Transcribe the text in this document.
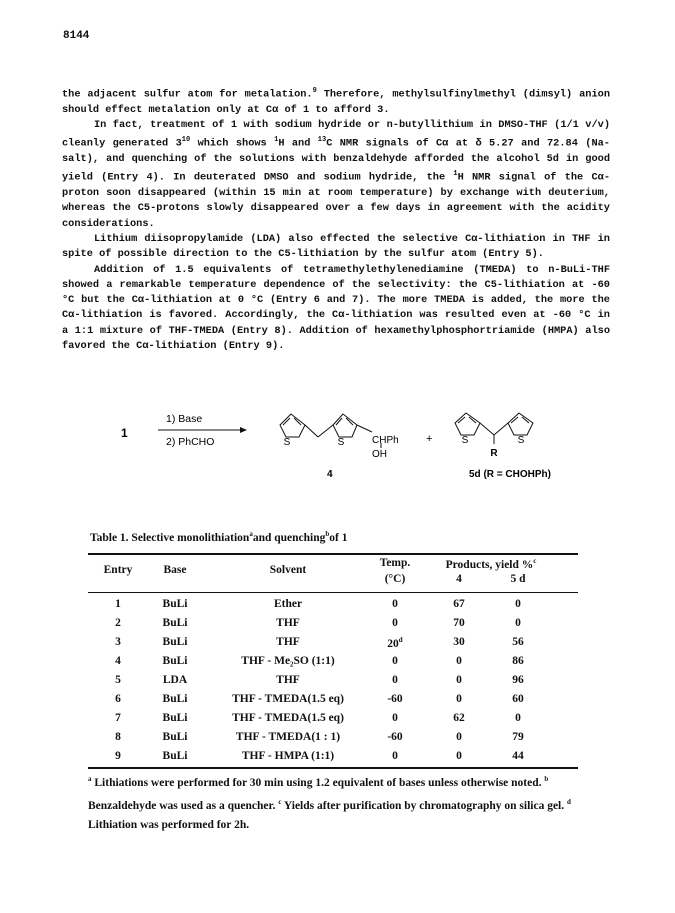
8144

the adjacent sulfur atom for metalation.$^9$ Therefore, methylsulfinylmethyl (dimsyl) anion should effect metalation only at Cα of 1 to afford 3.

In fact, treatment of 1 with sodium hydride or n-butyllithium in DMSO-THF (1/1 v/v) cleanly generated $3^{10}$ which shows $^1$H and $^{13}$C NMR signals of Cα at δ 5.27 and 72.84 (Na-salt), and quenching of the solutions with benzaldehyde afforded the alcohol 5d in good yield (Entry 4). In deuterated DMSO and sodium hydride, the $^1$H NMR signal of the Cα-proton soon disappeared (within 15 min at room temperature) by exchange with deuterium, whereas the C5-protons slowly disappeared over a few days in agreement with the acidity considerations.

Lithium diisopropylamide (LDA) also effected the selective Cα-lithiation in THF in spite of possible direction to the C5-lithiation by the sulfur atom (Entry 5).

Addition of 1.5 equivalents of tetramethylethylenediamine (TMEDA) to n-BuLi-THF showed a remarkable temperature dependence of the selectivity: the C5-lithiation at -60 °C but the Cα-lithiation at 0 °C (Entry 6 and 7). The more TMEDA is added, the more the Cα-lithiation is favored. Accordingly, the Cα-lithiation was resulted even at -60 °C in a 1:1 mixture of THF-TMEDA (Entry 8). Addition of hexamethylphosphortriamide (HMPA) also favored the Cα-lithiation (Entry 9).

1
1) Base
2) PhCHO	S	S	CHPh
OH
+	S	S
R
4	5d (R = CHOHPh)
Table 1. Selective monolithiation$^a$and quenching$^b$of 1
Entry	Base	Solvent
Temp.
(°C)
Products, yield %$^c$
4	5 d
1	BuLi	Ether	0	67	0
2	BuLi	THF	0	70	0
3	BuLi	THF	20$^d$	30	56
4	BuLi	THF - Me₂SO (1:1)	0	0	86
5	LDA	THF	0	0	96
6	BuLi	THF - TMEDA(1.5 eq)	-60	0	60
7	BuLi	THF - TMEDA(1.5 eq)	0	62	0
8	BuLi	THF - TMEDA(1 : 1)	-60	0	79
9	BuLi	THF - HMPA (1:1)	0	0	44

$^a$ Lithiations were performed for 30 min using 1.2 equivalent of bases unless otherwise noted. $^b$ Benzaldehyde was used as a quencher. $^c$ Yields after purification by chromatography on silica gel. $^d$ Lithiation was performed for 2h.
